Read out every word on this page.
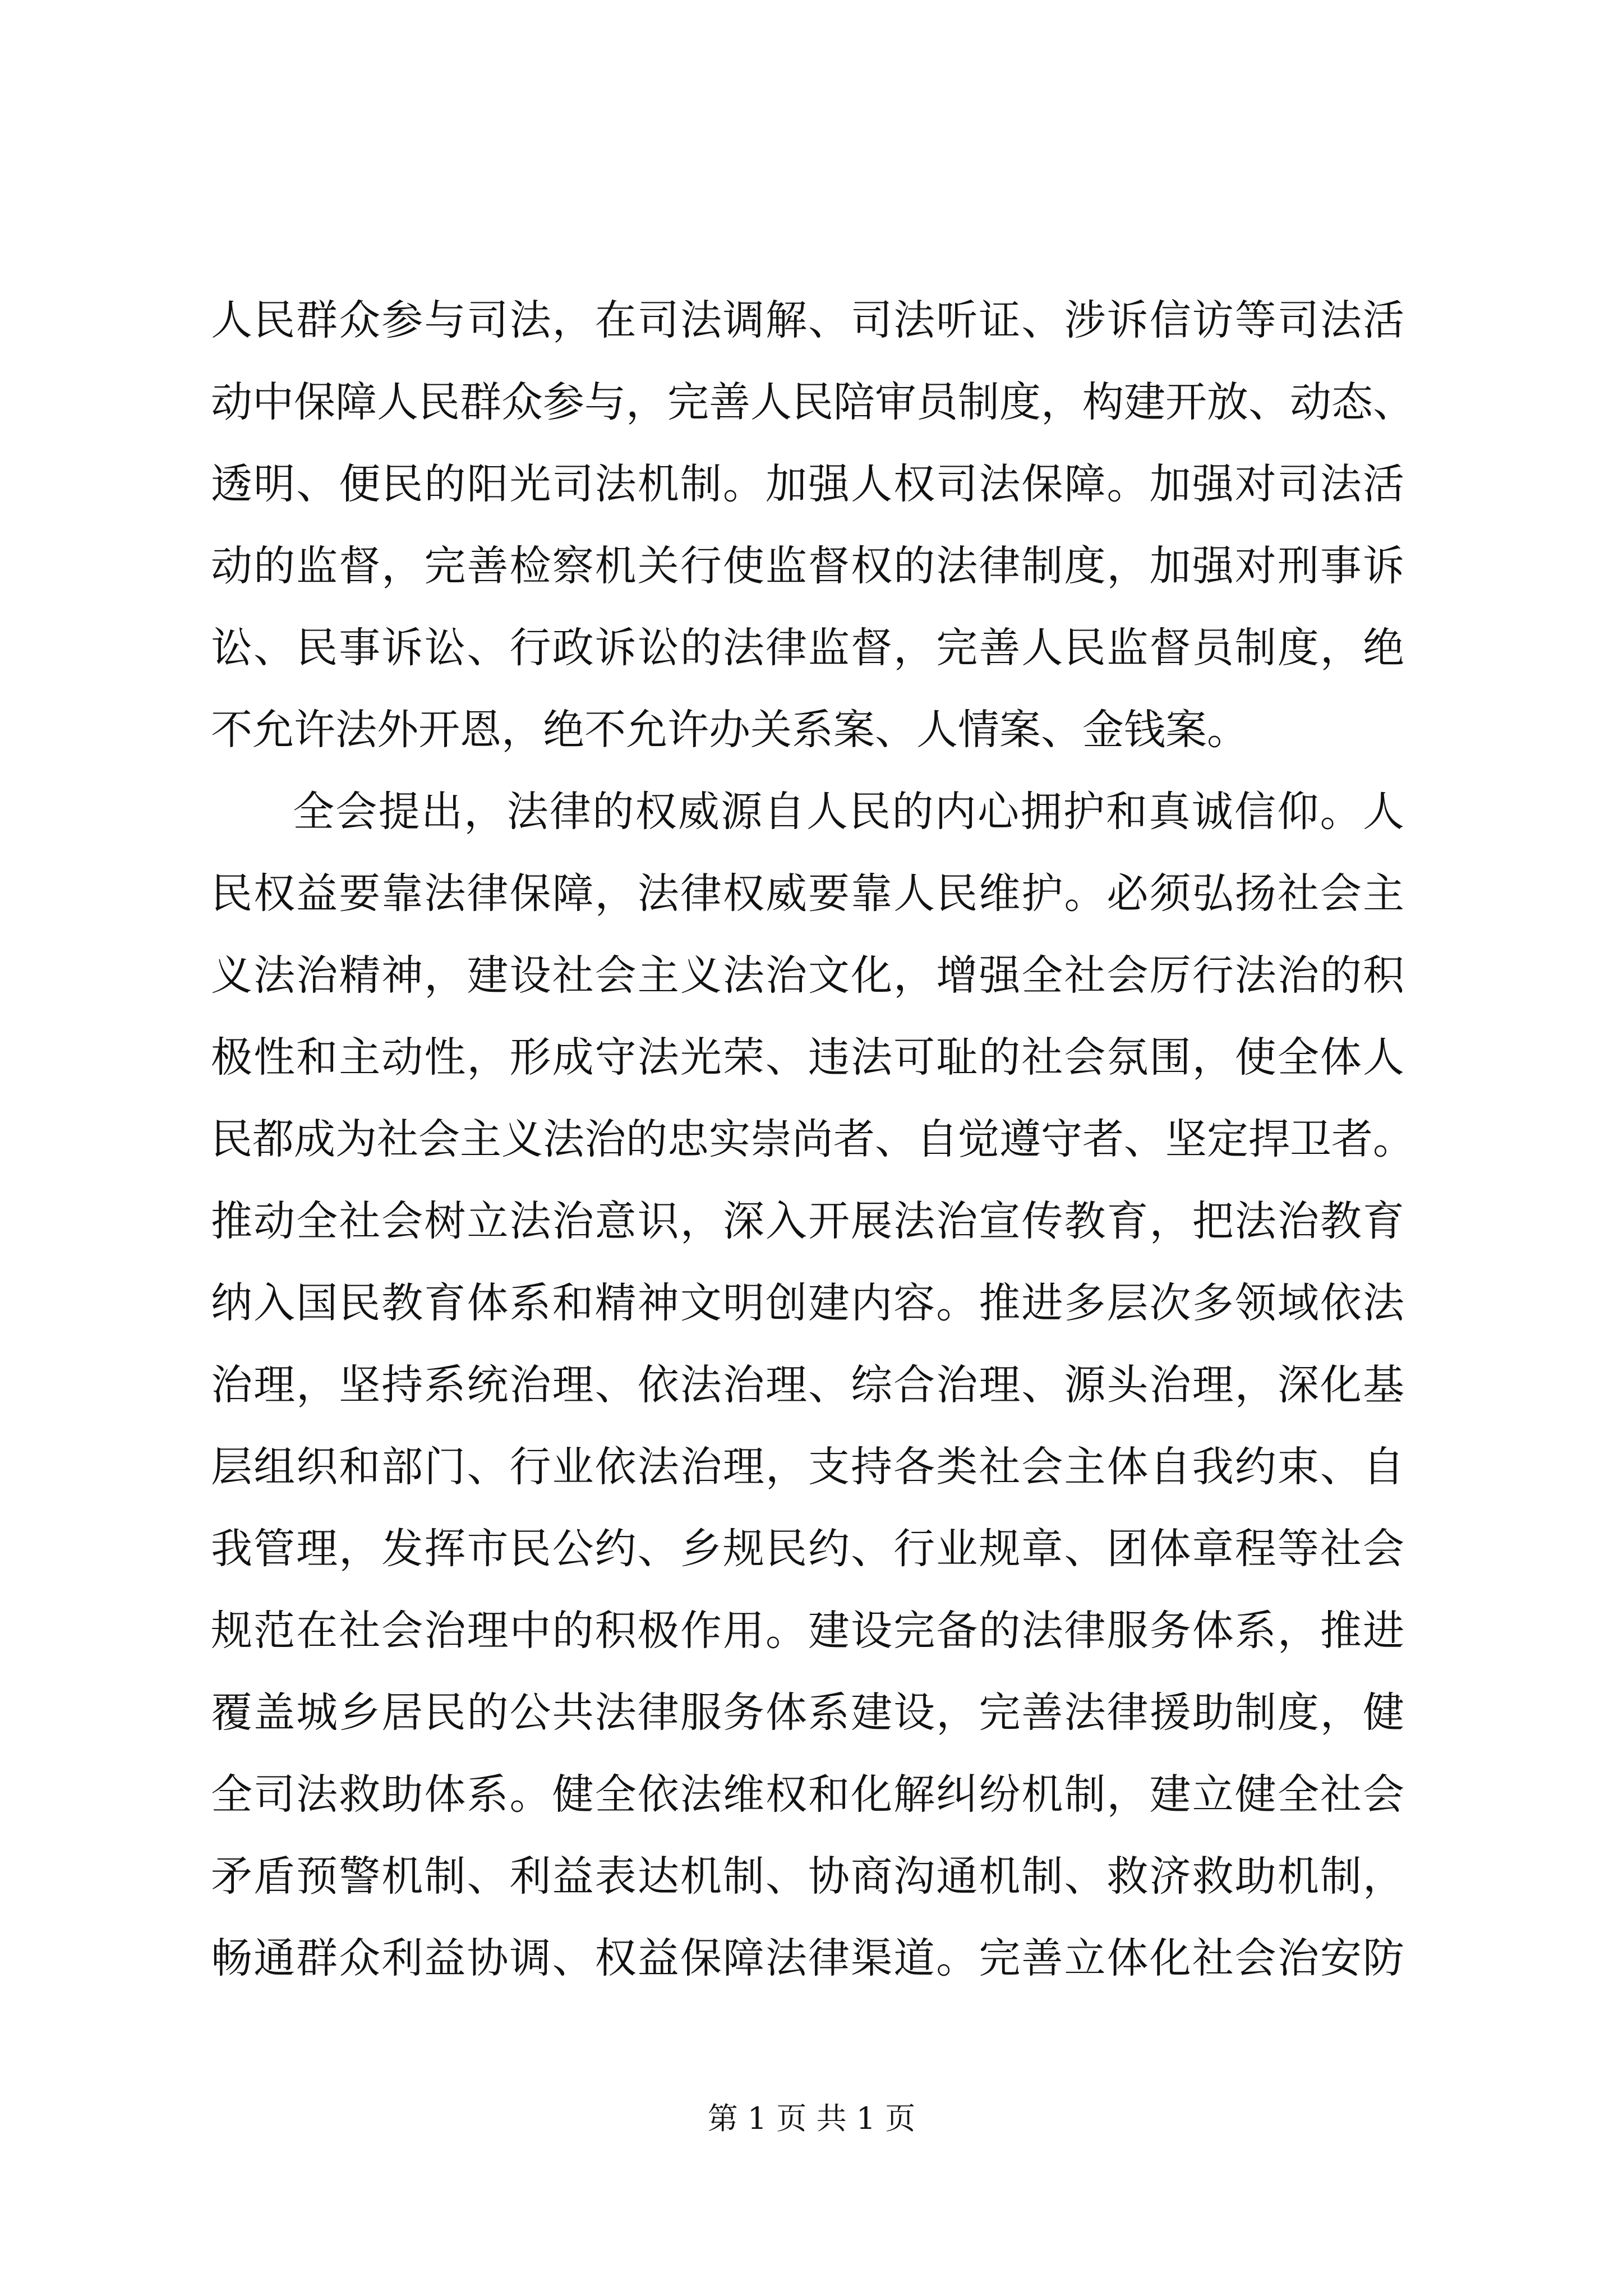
人民群众参与司法，在司法调解、司法听证、涉诉信访等司法活
动中保障人民群众参与，完善人民陪审员制度，构建开放、动态、
透明、便民的阳光司法机制。加强人权司法保障。加强对司法活
动的监督，完善检察机关行使监督权的法律制度，加强对刑事诉
讼、民事诉讼、行政诉讼的法律监督，完善人民监督员制度，绝
不允许法外开恩，绝不允许办关系案、人情案、金钱案。
全会提出，法律的权威源自人民的内心拥护和真诚信仰。人
民权益要靠法律保障，法律权威要靠人民维护。必须弘扬社会主
义法治精神，建设社会主义法治文化，增强全社会厉行法治的积
极性和主动性，形成守法光荣、违法可耻的社会氛围，使全体人
民都成为社会主义法治的忠实崇尚者、自觉遵守者、坚定捍卫者。
推动全社会树立法治意识，深入开展法治宣传教育，把法治教育
纳入国民教育体系和精神文明创建内容。推进多层次多领域依法
治理，坚持系统治理、依法治理、综合治理、源头治理，深化基
层组织和部门、行业依法治理，支持各类社会主体自我约束、自
我管理，发挥市民公约、乡规民约、行业规章、团体章程等社会
规范在社会治理中的积极作用。建设完备的法律服务体系，推进
覆盖城乡居民的公共法律服务体系建设，完善法律援助制度，健
全司法救助体系。健全依法维权和化解纠纷机制，建立健全社会
矛盾预警机制、利益表达机制、协商沟通机制、救济救助机制，
畅通群众利益协调、权益保障法律渠道。完善立体化社会治安防
第 1 页 共 1 页
